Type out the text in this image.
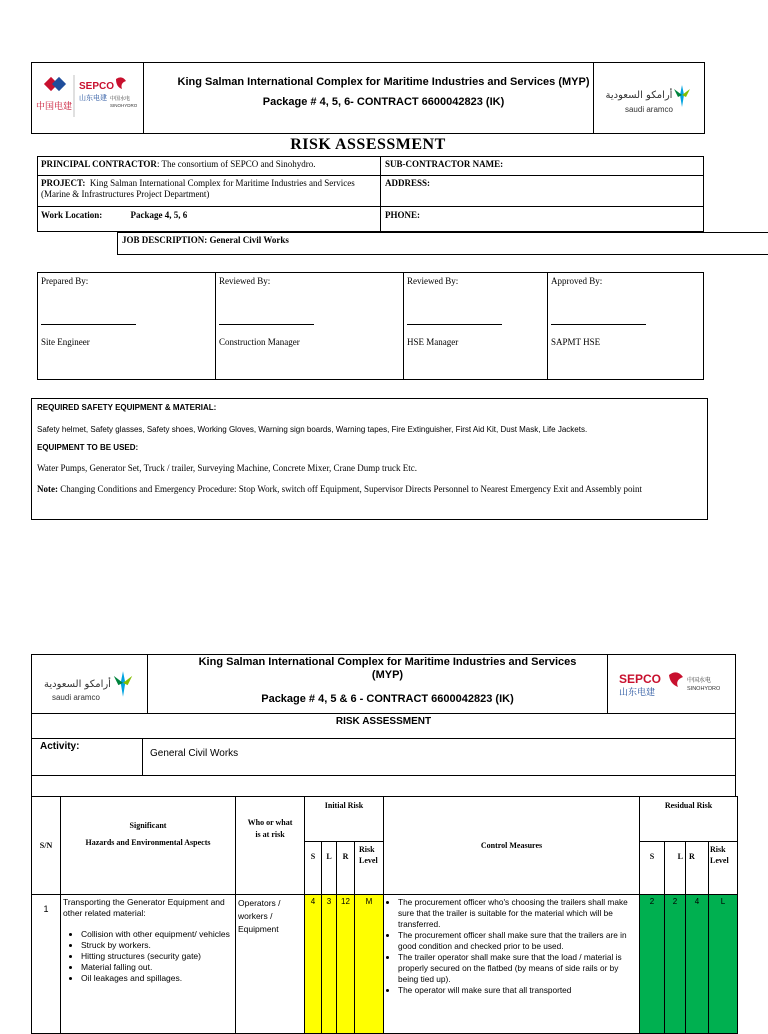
中国电建
SEPCO
山东电建 中国水电
SINOHYDRO
King Salman International Complex for Maritime Industries and Services (MYP)
Package # 4, 5, 6- CONTRACT 6600042823 (IK)
أرامكو السعودية
saudi aramco
RISK ASSESSMENT
PRINCIPAL CONTRACTOR: The consortium of SEPCO and Sinohydro.	SUB-CONTRACTOR NAME:
PROJECT: King Salman International Complex for Maritime Industries and Services (Marine & Infrastructures Project Department)
ADDRESS:
Work Location:	Package 4, 5, 6	PHONE:
JOB DESCRIPTION: General Civil Works
Prepared By:
Site Engineer
Reviewed By:
Construction Manager
Reviewed By:
HSE Manager
Approved By:
SAPMT HSE
REQUIRED SAFETY EQUIPMENT & MATERIAL:
Safety helmet, Safety glasses, Safety shoes, Working Gloves, Warning sign boards, Warning tapes, Fire Extinguisher, First Aid Kit, Dust Mask, Life Jackets.
EQUIPMENT TO BE USED:
Water Pumps, Generator Set, Truck / trailer, Surveying Machine, Concrete Mixer, Crane Dump truck Etc.
Note: Changing Conditions and Emergency Procedure: Stop Work, switch off Equipment, Supervisor Directs Personnel to Nearest Emergency Exit and Assembly point
أرامكو السعودية
saudi aramco
King Salman International Complex for Maritime Industries and Services
(MYP)
Package # 4, 5 & 6 - CONTRACT 6600042823 (IK)
SEPCO
山东电建
中国水电
SINOHYDRO
RISK ASSESSMENT
Activity:
General Civil Works
S/N
Significant
Hazards and Environmental Aspects
Who or what
is at risk
Initial Risk
S	L	R
Risk Level
Control Measures
Residual Risk
S	L R
Risk Level
1
Transporting the Generator Equipment and other related material:
• Collision with other equipment/ vehicles
• Struck by workers.
• Hitting structures (security gate)
• Material falling out.
• Oil leakages and spillages.
Operators / workers / Equipment
4	3	12	M
•	The procurement officer who's choosing the trailers shall make sure that the trailer is suitable for the material which will be transferred.
• The procurement officer shall make sure that the trailers are in good condition and checked prior to be used.
• The trailer operator shall make sure that the load / material is properly secured on the flatbed (by means of side rails or by being tied up).
• The operator will make sure that all transported
2	2	4	L
